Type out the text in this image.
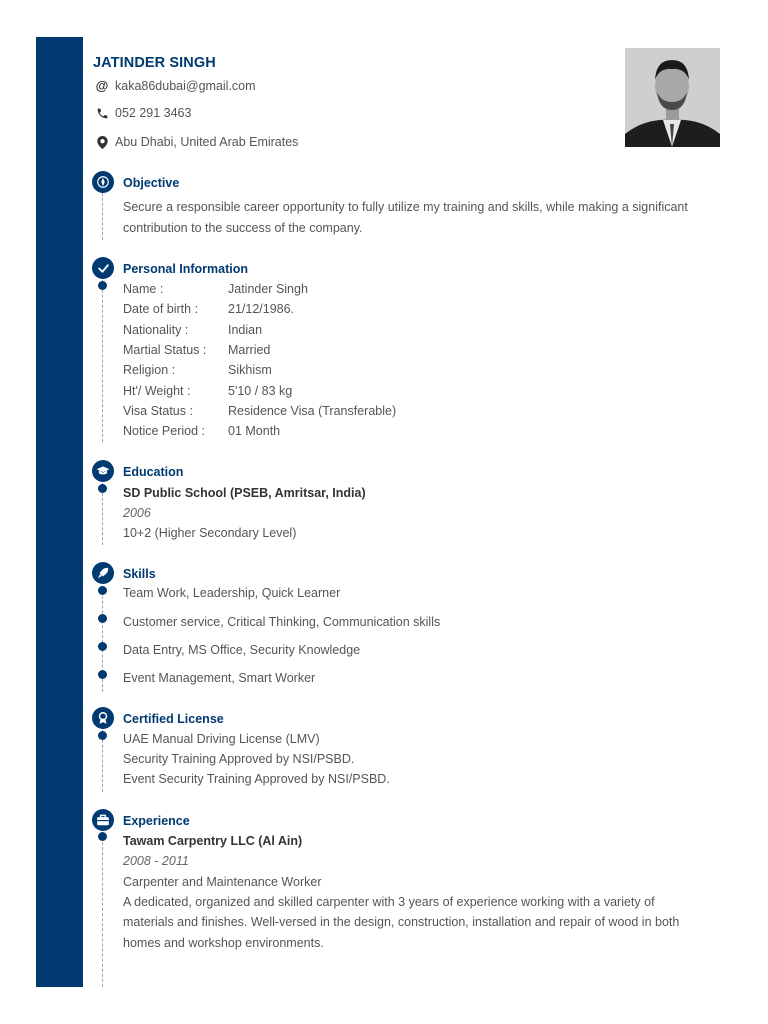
JATINDER SINGH
@ kaka86dubai@gmail.com
052 291 3463
Abu Dhabi, United Arab Emirates
Objective
Secure a responsible career opportunity to fully utilize my training and skills, while making a significant
contribution to the success of the company.
Personal Information
Name :	Jatinder Singh
Date of birth : 21/12/1986.
Nationality :	Indian
Martial Status : Married
Religion :	Sikhism
Ht'/ Weight :	5'10 / 83 kg
Visa Status :	Residence Visa (Transferable)
Notice Period : 01 Month
Education
SD Public School (PSEB, Amritsar, India)
2006
10+2 (Higher Secondary Level)
Skills
Team Work, Leadership, Quick Learner
Customer service, Critical Thinking, Communication skills
Data Entry, MS Office, Security Knowledge
Event Management, Smart Worker
Certified License
UAE Manual Driving License (LMV)
Security Training Approved by NSI/PSBD.
Event Security Training Approved by NSI/PSBD.
Experience
Tawam Carpentry LLC (Al Ain)
2008 - 2011
Carpenter and Maintenance Worker
A dedicated, organized and skilled carpenter with 3 years of experience working with a variety of
materials and finishes. Well-versed in the design, construction, installation and repair of wood in both
homes and workshop environments.
